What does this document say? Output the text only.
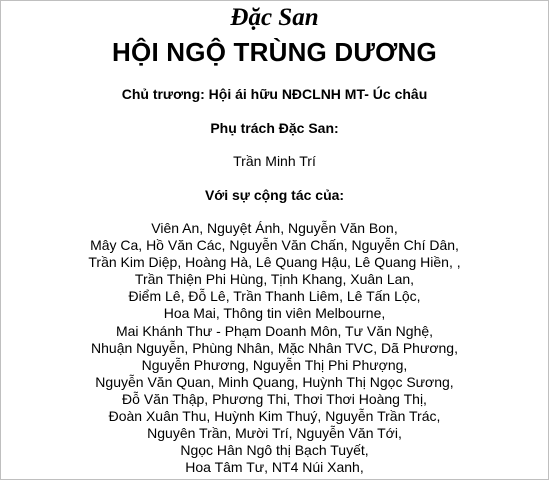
Đặc San
HỘI NGỘ TRÙNG DƯƠNG
Chủ trương: Hội ái hữu NĐCLNH MT- Úc châu
Phụ trách Đặc San:
Trần Minh Trí
Với sự cộng tác của:
Viên An, Nguyệt Ánh, Nguyễn Văn Bon,
Mây Ca, Hồ Văn Các, Nguyễn Văn Chấn, Nguyễn Chí Dân,
Trần Kim Diệp, Hoàng Hà, Lê Quang Hậu, Lê Quang Hiền, ,
Trần Thiện Phi Hùng, Tịnh Khang, Xuân Lan,
Điểm Lê, Đỗ Lê, Trần Thanh Liêm, Lê Tấn Lộc,
Hoa Mai, Thông tin viên Melbourne,
Mai Khánh Thư - Phạm Doanh Môn, Tư Văn Nghệ,
Nhuận Nguyễn, Phùng Nhân, Mặc Nhân TVC, Dã Phương,
Nguyễn Phương, Nguyễn Thị Phi Phượng,
Nguyễn Văn Quan, Minh Quang, Huỳnh Thị Ngọc Sương,
Đỗ Văn Thập, Phương Thi, Thơi Thơi Hoàng Thị,
Đoàn Xuân Thu, Huỳnh Kim Thuý, Nguyễn Trần Trác,
Nguyên Trần, Mười Trí, Nguyễn Văn Tới,
Ngọc Hân Ngô thị Bạch Tuyết,
Hoa Tâm Tư, NT4 Núi Xanh,
